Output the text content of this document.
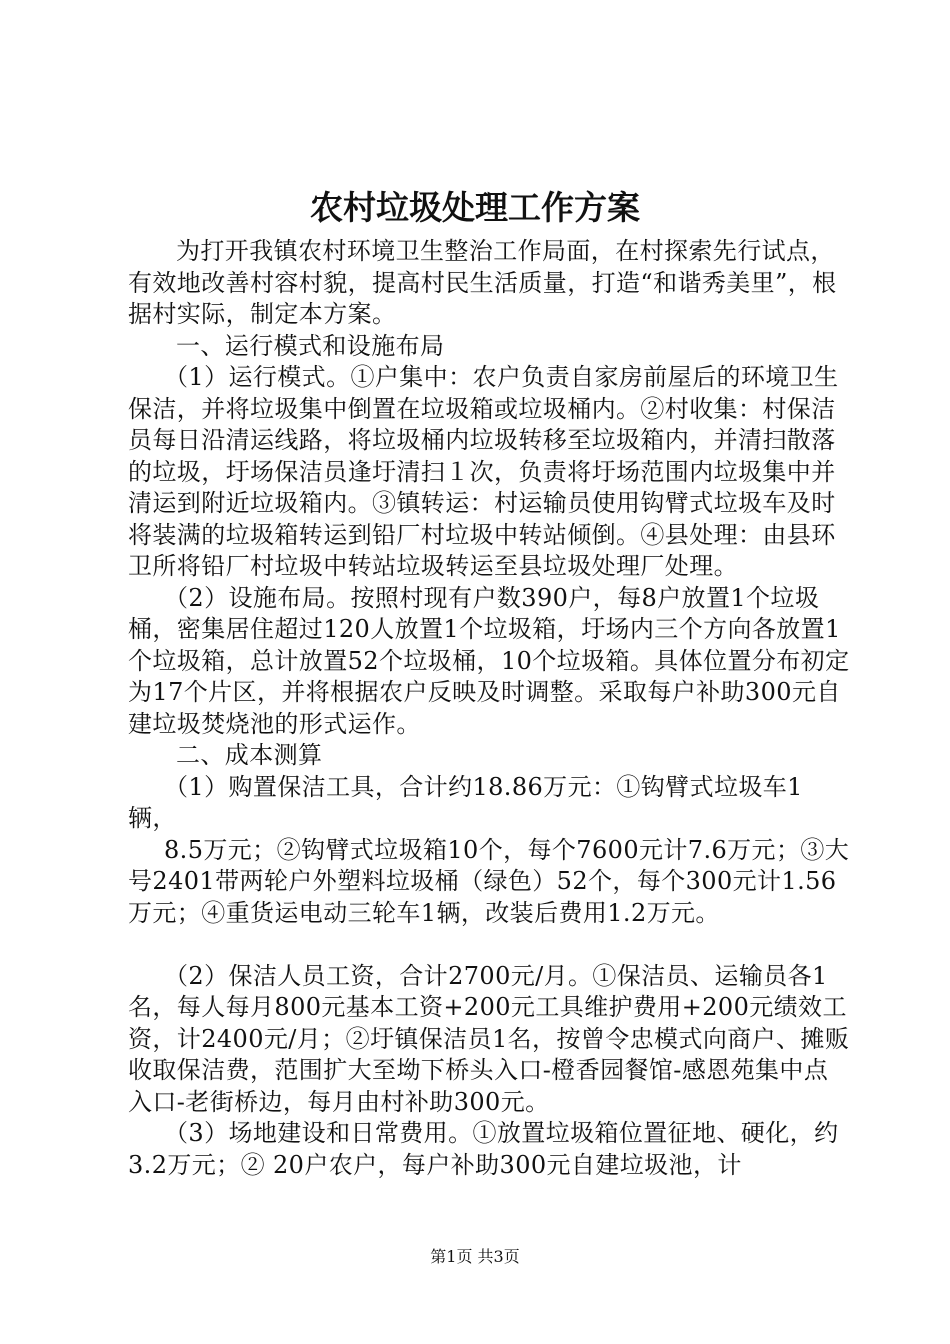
农村垃圾处理工作方案

为打开我镇农村环境卫生整治工作局面，在村探索先行试点，有效地改善村容村貌，提高村民生活质量，打造“和谐秀美里”，根据村实际，制定本方案。

一、运行模式和设施布局

（1）运行模式。①户集中：农户负责自家房前屋后的环境卫生保洁，并将垃圾集中倒置在垃圾箱或垃圾桶内。②村收集：村保洁员每日沿清运线路，将垃圾桶内垃圾转移至垃圾箱内，并清扫散落的垃圾，圩场保洁员逢圩清扫１次，负责将圩场范围内垃圾集中并清运到附近垃圾箱内。③镇转运：村运输员使用钩臂式垃圾车及时将装满的垃圾箱转运到铅厂村垃圾中转站倾倒。④县处理：由县环卫所将铅厂村垃圾中转站垃圾转运至县垃圾处理厂处理。

（2）设施布局。按照村现有户数390户，每8户放置1个垃圾桶，密集居住超过120人放置1个垃圾箱，圩场内三个方向各放置1个垃圾箱，总计放置52个垃圾桶，10个垃圾箱。具体位置分布初定为17个片区，并将根据农户反映及时调整。采取每户补助300元自建垃圾焚烧池的形式运作。

二、成本测算

（1）购置保洁工具，合计约18.86万元：①钩臂式垃圾车1辆，

8.5万元；②钩臂式垃圾箱10个，每个7600元计7.6万元；③大号2401带两轮户外塑料垃圾桶（绿色）52个，每个300元计1.56万元；④重货运电动三轮车1辆，改装后费用1.2万元。

（2）保洁人员工资，合计2700元/月。①保洁员、运输员各1名，每人每月800元基本工资+200元工具维护费用+200元绩效工资，计2400元/月；②圩镇保洁员1名，按曾令忠模式向商户、摊贩收取保洁费，范围扩大至坳下桥头入口-橙香园餐馆-感恩苑集中点入口-老街桥边，每月由村补助300元。

（3）场地建设和日常费用。①放置垃圾箱位置征地、硬化，约3.2万元；② 20户农户，每户补助300元自建垃圾池，计

第1页 共3页
